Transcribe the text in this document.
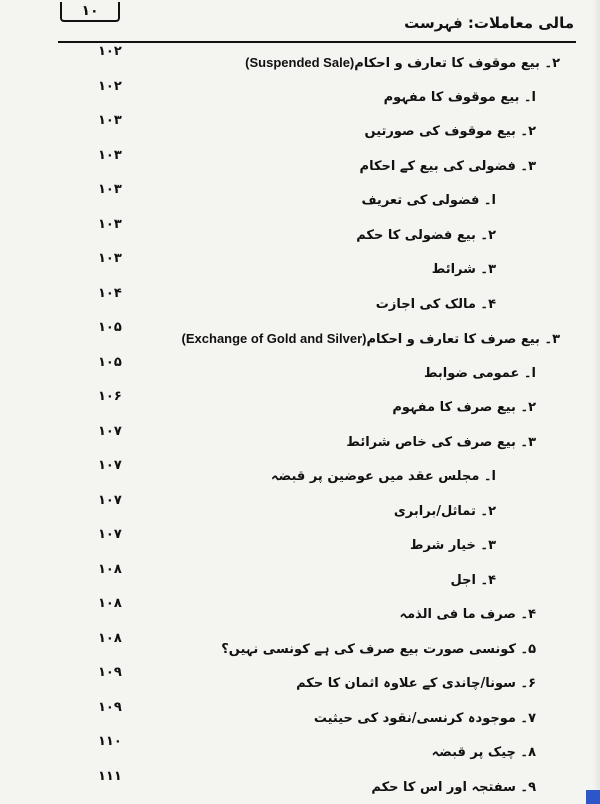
۱۰
مالی معاملات: فہرست
۲۔ بیع موقوف کا تعارف و احکام(Suspended Sale)
۱۰۲
ا۔ بیع موقوف کا مفہوم
۱۰۲
۲۔ بیع موقوف کی صورتیں
۱۰۳
۳۔ فضولی کی بیع کے احکام
۱۰۳
ا۔ فضولی کی تعریف
۱۰۳
۲۔ بیع فضولی کا حکم
۱۰۳
۳۔ شرائط
۱۰۳
۴۔ مالک کی اجازت
۱۰۴
۳۔ بیع صرف کا تعارف و احکام(Exchange of Gold and Silver)
۱۰۵
ا۔ عمومی ضوابط
۱۰۵
۲۔ بیع صرف کا مفہوم
۱۰۶
۳۔ بیع صرف کی خاص شرائط
۱۰۷
ا۔ مجلس عقد میں عوضین پر قبضہ
۱۰۷
۲۔ تماثل/برابری
۱۰۷
۳۔ خیار شرط
۱۰۷
۴۔ اجل
۱۰۸
۴۔ صرف ما فی الذمہ
۱۰۸
۵۔ کونسی صورت بیع صرف کی ہے کونسی نہیں؟
۱۰۸
۶۔ سونا/چاندی کے علاوہ اثمان کا حکم
۱۰۹
۷۔ موجودہ کرنسی/نقود کی حیثیت
۱۰۹
۸۔ چیک پر قبضہ
۱۱۰
۹۔ سفتجہ اور اس کا حکم
۱۱۱
